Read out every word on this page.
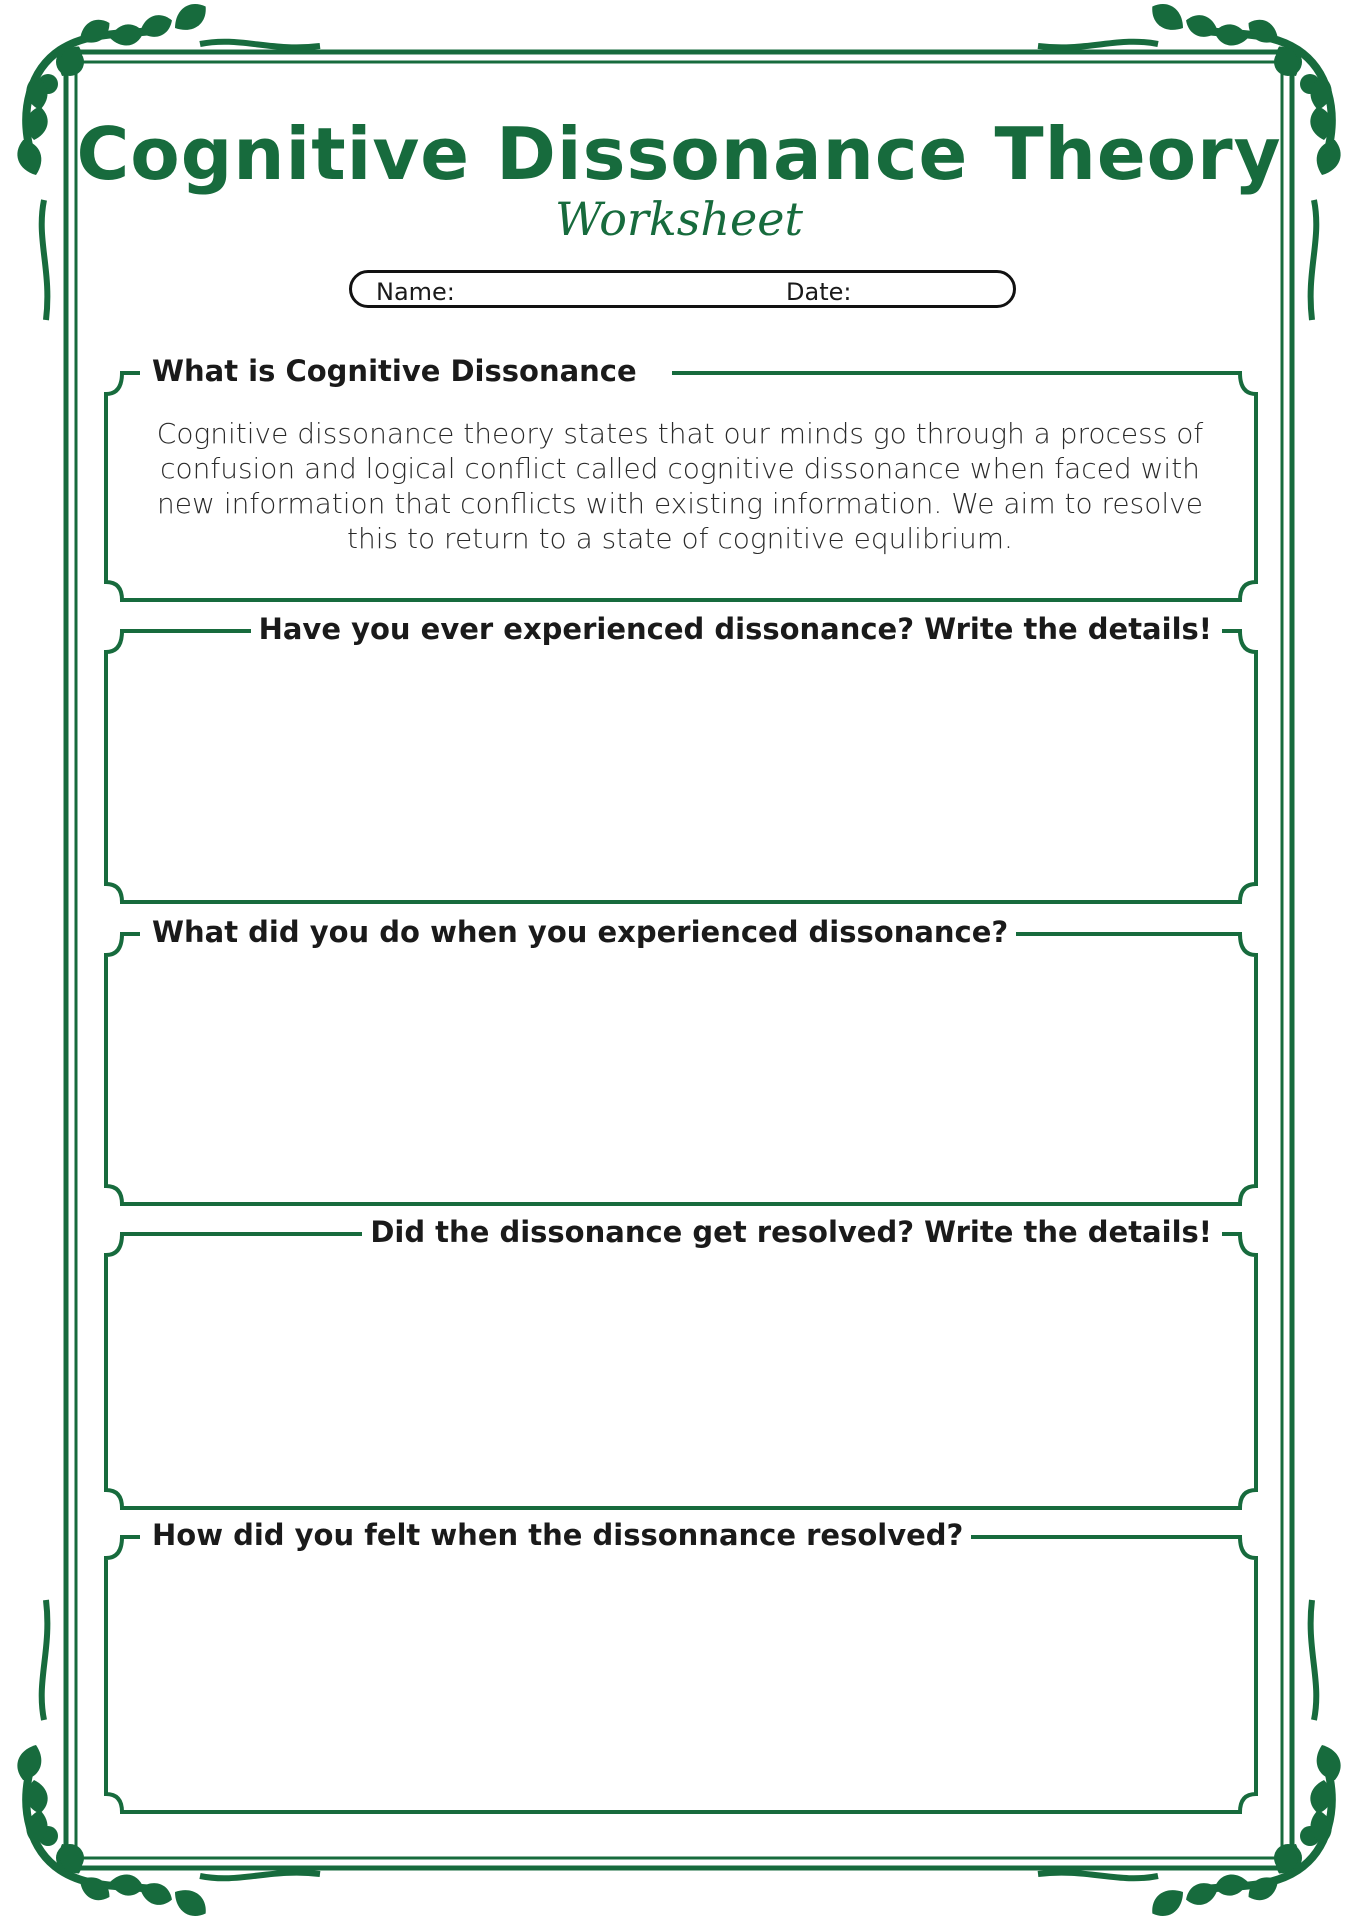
Cognitive Dissonance Theory
Worksheet
Name:	Date:
What is Cognitive Dissonance
Cognitive dissonance theory states that our minds go through a process of confusion and logical conflict called cognitive dissonance when faced with new information that conflicts with existing information. We aim to resolve this to return to a state of cognitive equlibrium.
Have you ever experienced dissonance? Write the details!
What did you do when you experienced dissonance?
Did the dissonance get resolved? Write the details!
How did you felt when the dissonnance resolved?
